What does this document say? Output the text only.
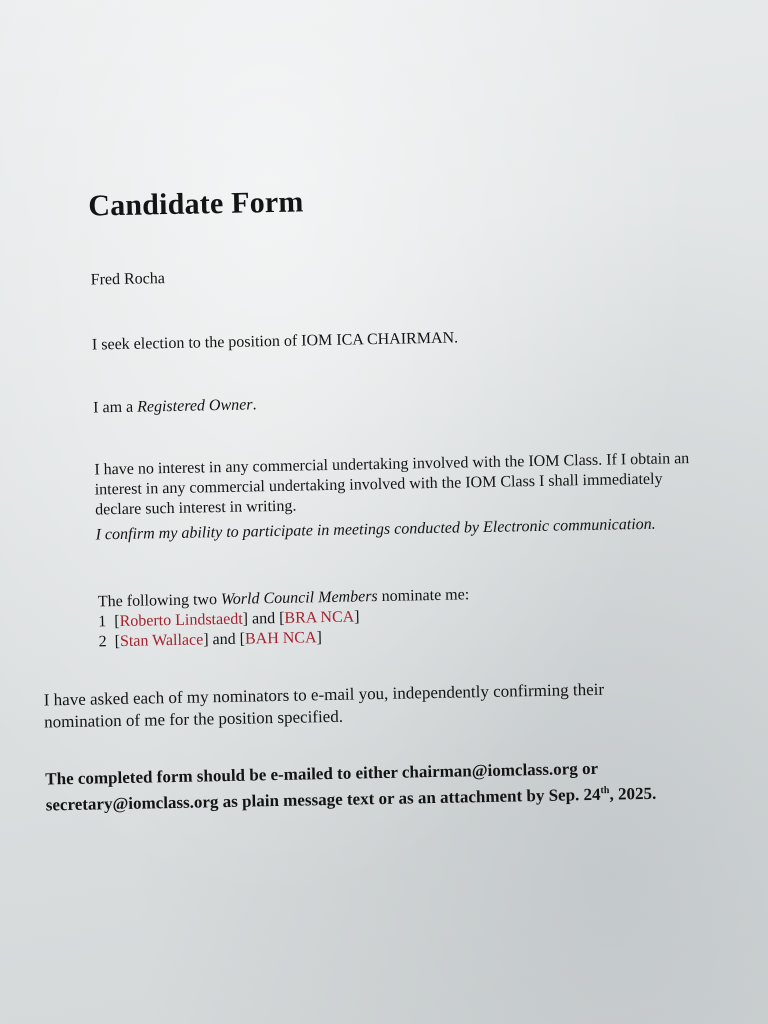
Candidate Form
Fred Rocha
I seek election to the position of IOM ICA CHAIRMAN.
I am a Registered Owner.
I have no interest in any commercial undertaking involved with the IOM Class. If I obtain an
interest in any commercial undertaking involved with the IOM Class I shall immediately
declare such interest in writing.
I confirm my ability to participate in meetings conducted by Electronic communication.
The following two World Council Members nominate me:
1  [Roberto Lindstaedt] and [BRA NCA]
2  [Stan Wallace] and [BAH NCA]
I have asked each of my nominators to e-mail you, independently confirming their
nomination of me for the position specified.
The completed form should be e-mailed to either chairman@iomclass.org or
secretary@iomclass.org as plain message text or as an attachment by Sep. 24th, 2025.
